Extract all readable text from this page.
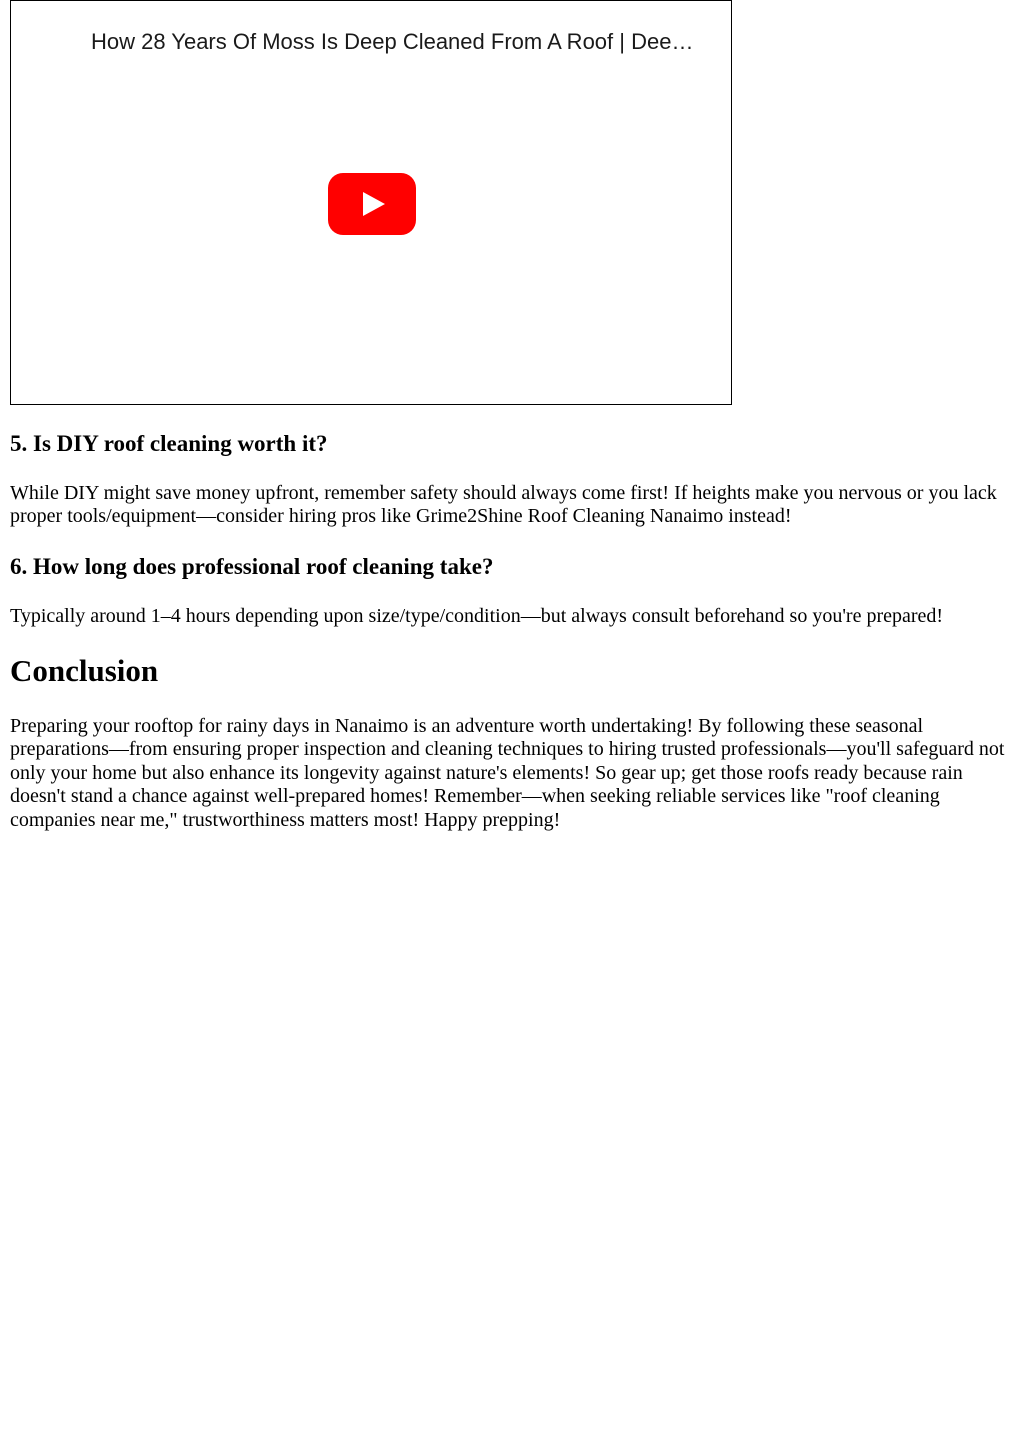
How 28 Years Of Moss Is Deep Cleaned From A Roof | Dee…
5. Is DIY roof cleaning worth it?

While DIY might save money upfront, remember safety should always come first! If heights make you nervous or you lack proper tools/equipment—consider hiring pros like Grime2Shine Roof Cleaning Nanaimo instead!

6. How long does professional roof cleaning take?

Typically around 1–4 hours depending upon size/type/condition—but always consult beforehand so you're prepared!

Conclusion

Preparing your rooftop for rainy days in Nanaimo is an adventure worth undertaking! By following these seasonal preparations—from ensuring proper inspection and cleaning techniques to hiring trusted professionals—you'll safeguard not only your home but also enhance its longevity against nature's elements! So gear up; get those roofs ready because rain doesn't stand a chance against well-prepared homes! Remember—when seeking reliable services like "roof cleaning companies near me," trustworthiness matters most! Happy prepping!
